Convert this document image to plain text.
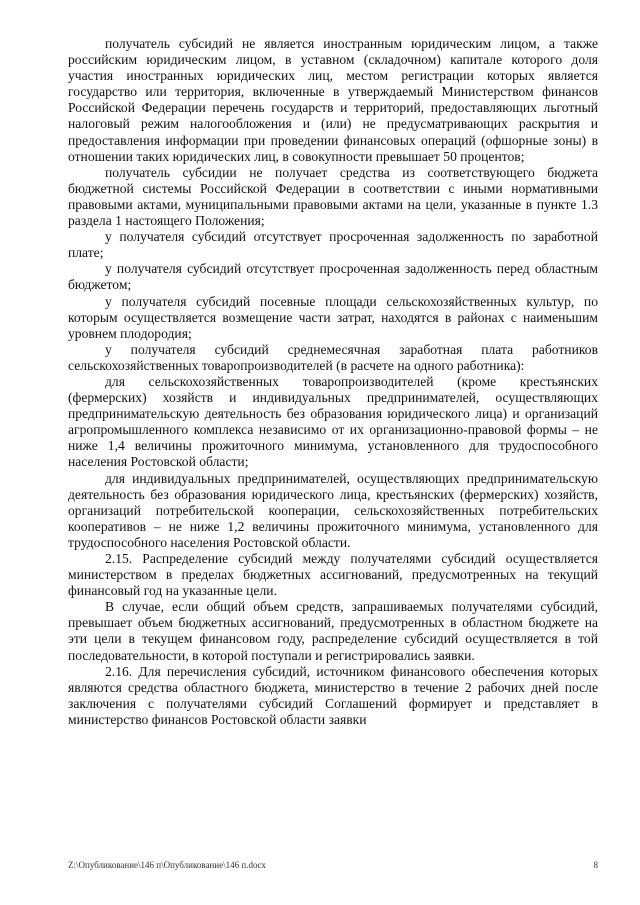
получатель субсидий не является иностранным юридическим лицом, а также российским юридическим лицом, в уставном (складочном) капитале которого доля участия иностранных юридических лиц, местом регистрации которых является государство или территория, включенные в утверждаемый Министерством финансов Российской Федерации перечень государств и территорий, предоставляющих льготный налоговый режим налогообложения и (или) не предусматривающих раскрытия и предоставления информации при проведении финансовых операций (офшорные зоны) в отношении таких юридических лиц, в совокупности превышает 50 процентов;

получатель субсидии не получает средства из соответствующего бюджета бюджетной системы Российской Федерации в соответствии с иными нормативными правовыми актами, муниципальными правовыми актами на цели, указанные в пункте 1.3 раздела 1 настоящего Положения;

у получателя субсидий отсутствует просроченная задолженность по заработной плате;

у получателя субсидий отсутствует просроченная задолженность перед областным бюджетом;

у получателя субсидий посевные площади сельскохозяйственных культур, по которым осуществляется возмещение части затрат, находятся в районах с наименьшим уровнем плодородия;

у получателя субсидий среднемесячная заработная плата работников сельскохозяйственных товаропроизводителей (в расчете на одного работника):

для сельскохозяйственных товаропроизводителей (кроме крестьянских (фермерских) хозяйств и индивидуальных предпринимателей, осуществляющих предпринимательскую деятельность без образования юридического лица) и организаций агропромышленного комплекса независимо от их организационно-правовой формы – не ниже 1,4 величины прожиточного минимума, установленного для трудоспособного населения Ростовской области;

для индивидуальных предпринимателей, осуществляющих предпринимательскую деятельность без образования юридического лица, крестьянских (фермерских) хозяйств, организаций потребительской кооперации, сельскохозяйственных потребительских кооперативов – не ниже 1,2 величины прожиточного минимума, установленного для трудоспособного населения Ростовской области.

2.15. Распределение субсидий между получателями субсидий осуществляется министерством в пределах бюджетных ассигнований, предусмотренных на текущий финансовый год на указанные цели.

В случае, если общий объем средств, запрашиваемых получателями субсидий, превышает объем бюджетных ассигнований, предусмотренных в областном бюджете на эти цели в текущем финансовом году, распределение субсидий осуществляется в той последовательности, в которой поступали и регистрировались заявки.

2.16. Для перечисления субсидий, источником финансового обеспечения которых являются средства областного бюджета, министерство в течение 2 рабочих дней после заключения с получателями субсидий Соглашений формирует и представляет в министерство финансов Ростовской области заявки

Z:\Опубликование\146 п\Опубликование\146 п.docx	8
